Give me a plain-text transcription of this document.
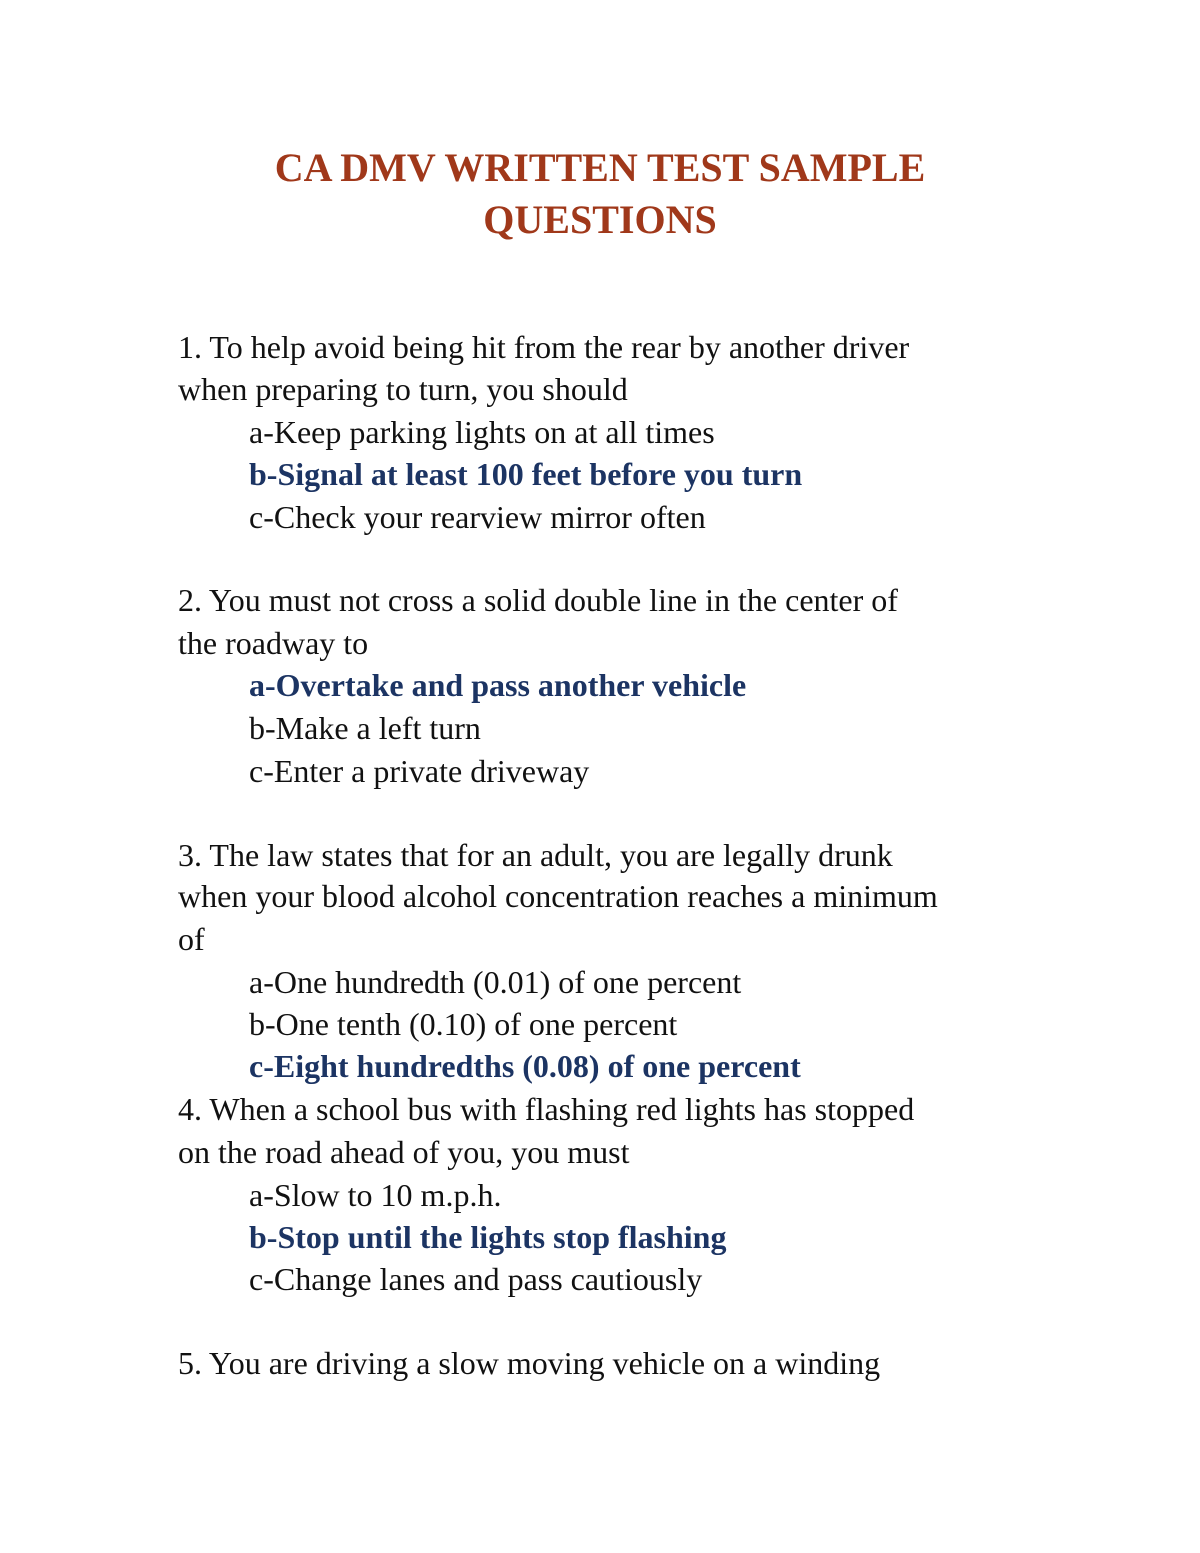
CA DMV WRITTEN TEST SAMPLE
QUESTIONS

1. To help avoid being hit from the rear by another driver

when preparing to turn, you should

a-Keep parking lights on at all times

b-Signal at least 100 feet before you turn

c-Check your rearview mirror often

2. You must not cross a solid double line in the center of

the roadway to

a-Overtake and pass another vehicle

b-Make a left turn

c-Enter a private driveway

3. The law states that for an adult, you are legally drunk

when your blood alcohol concentration reaches a minimum

of

a-One hundredth (0.01) of one percent

b-One tenth (0.10) of one percent

c-Eight hundredths (0.08) of one percent

4. When a school bus with flashing red lights has stopped

on the road ahead of you, you must

a-Slow to 10 m.p.h.

b-Stop until the lights stop flashing

c-Change lanes and pass cautiously

5. You are driving a slow moving vehicle on a winding
